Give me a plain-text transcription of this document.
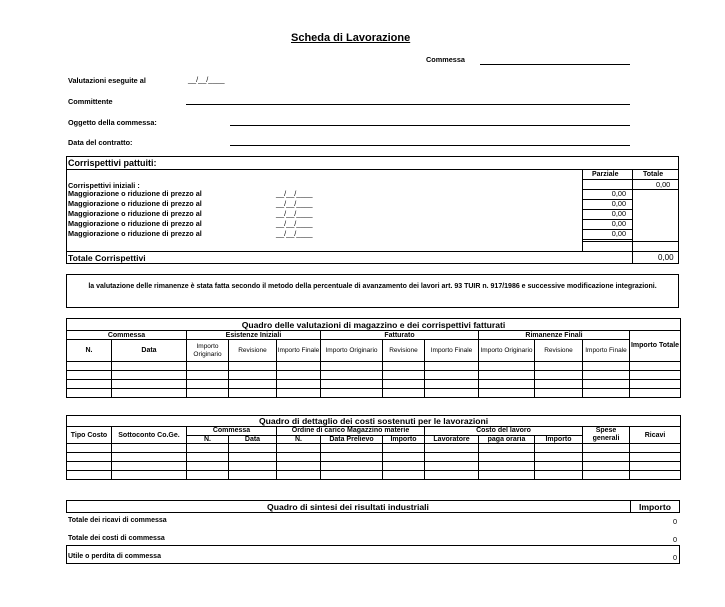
Scheda di Lavorazione
Commessa
Valutazioni eseguite al	__/__/____
Committente
Oggetto della commessa:
Data del contratto:
Corrispettivi pattuiti:
Parziale	Totale
0,00
Corrispettivi iniziali :
Maggiorazione o riduzione di prezzo al	__/__/____	0,00
Maggiorazione o riduzione di prezzo al	__/__/____	0,00
Maggiorazione o riduzione di prezzo al	__/__/____	0,00
Maggiorazione o riduzione di prezzo al	__/__/____	0,00
Maggiorazione o riduzione di prezzo al	__/__/____	0,00
Totale Corrispettivi	0,00
la valutazione delle rimanenze è stata fatta secondo il metodo della percentuale di avanzamento dei lavori art. 93 TUIR n. 917/1986 e successive modificazione integrazioni.
Quadro delle valutazioni di magazzino e dei corrispettivi fatturati											
Commessa		Esistenze Iniziali			Fatturato			Rimanenze Finali			Importo Totale
N.	Data	Importo Originario	Revisione	Importo Finale	Importo Originario	Revisione	Importo Finale	Importo Originario	Revisione	Importo Finale	

Quadro di dettaglio dei costi sostenuti per le lavorazioni											
Tipo Costo	Sottoconto Co.Ge.	Commessa		Ordine di carico Magazzino materie			Costo del lavoro			Spese generali	Ricavi
		N.	Data	N.	Data Prelievo	Importo	Lavoratore	paga oraria	Importo		

Quadro di sintesi dei risultati industriali	Importo
Totale dei ricavi di commessa	0
Totale dei costi di commessa	0
Utile o perdita di commessa	0
